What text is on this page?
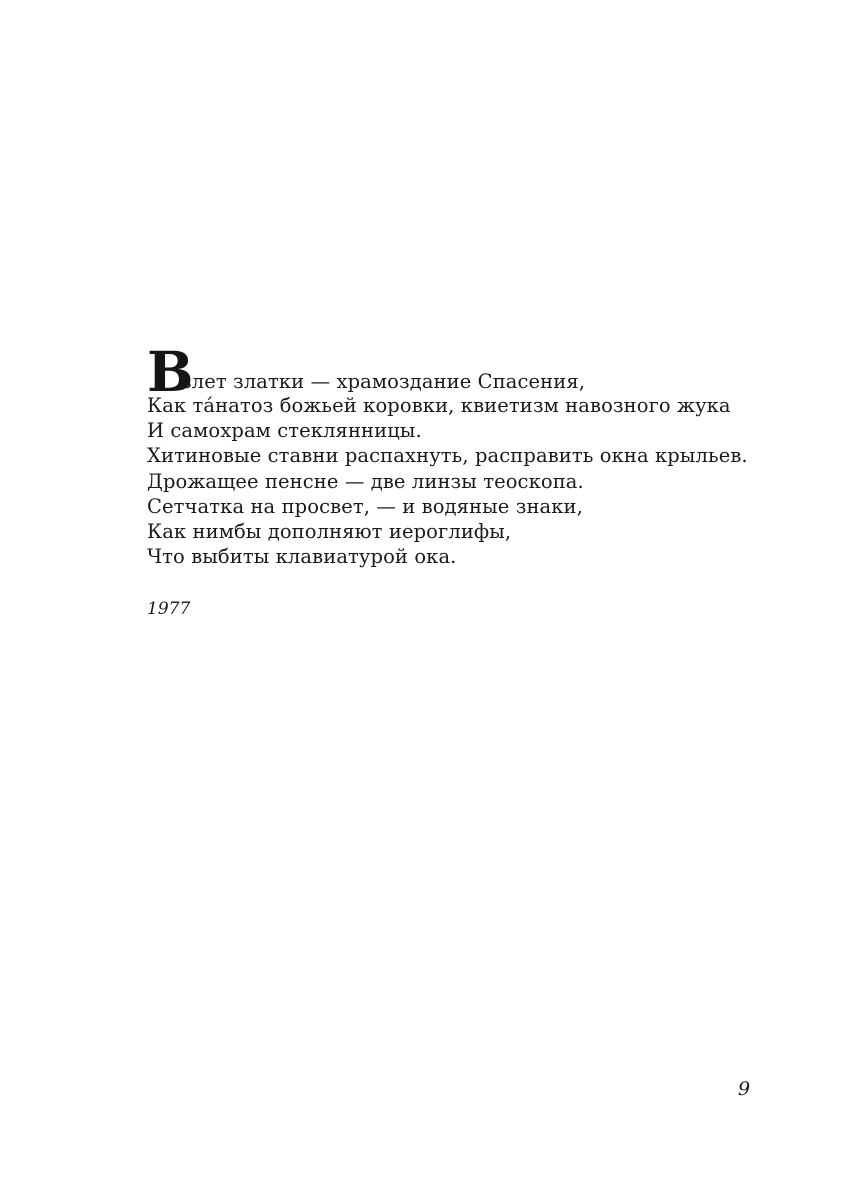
В
злет златки — храмоздание Спасения,
Как та́натоз божьей коровки, квиетизм навозного жука
И самохрам стеклянницы.
Хитиновые ставни распахнуть, расправить окна крыльев.
Дрожащее пенсне — две линзы теоскопа.
Сетчатка на просвет, — и водяные знаки,
Как нимбы дополняют иероглифы,
Что выбиты клавиатурой ока.
1977
9
